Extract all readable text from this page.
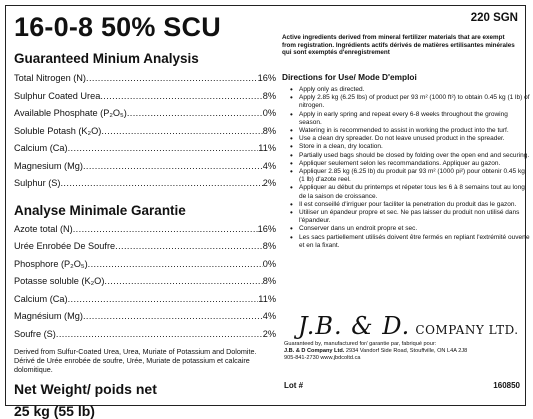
16-0-8 50% SCU
Guaranteed Minium Analysis
Total Nitrogen (N) .....	16%
Sulphur Coated Urea .....	8%
Available Phosphate (P₂O₅) .....	0%
Soluble Potash (K₂O) .....	8%
Calcium (Ca) .....	11%
Magnesium (Mg) .....	4%
Sulphur (S) .....	2%
Analyse Minimale Garantie
Azote total (N) .....	16%
Urée Enrobée De Soufre .....	8%
Phosphore (P₂O₅) .....	0%
Potasse soluble (K₂O) .....	8%
Calcium (Ca) .....	11%
Magnésium (Mg) .....	4%
Soufre (S) .....	2%

Derived from Sulfur-Coated Urea, Urea, Muriate of Potassium and Dolomite. Dérivé de Urée enrobée de soufre, Urée, Muriate de potassium et calcaire dolomitique.

Net Weight/ poids net
25 kg (55 lb)
220 SGN
Active ingredients derived from mineral fertilizer materials that are exempt from registration. Ingrédients actifs dérivés de matières ertilisantes minérales qui sont exemptés d'enregistrement
Directions for Use/ Mode D'emploi
• Apply only as directed.
• Apply 2.85 kg (6.25 lbs) of product per 93 m² (1000 ft²) to obtain 0.45 kg (1 lb) of nitrogen.
• Apply in early spring and repeat every 6-8 weeks throughout the growing season.
• Watering in is recommended to assist in working the product into the turf.
• Use a clean dry spreader. Do not leave unused product in the spreader.
• Store in a clean, dry location.
• Partially used bags should be closed by folding over the open end and securing.
• Appliquer seulement selon les recommandations. Appliquer au gazon.
• Appliquer 2.85 kg (6.25 lb) du produit par 93 m² (1000 pi²) pour obtenir 0.45 kg (1 lb) d'azote reel.
• Appliquer au début du printemps et répeter tous les 6 à 8 semains tout au long de la saison de croissance.
• Il est conseillé d'irriguer pour faciliter la penetration du produit das le gazon.
• Utiliser un épandeur propre et sec. Ne pas laisser du produit non utilisé dans l'épandeur.
• Conserver dans un endroit propre et sec.
• Les sacs partiellement utilisés doivent être fermés en repliant l'extrémité ouverte et en la fixant.
J.B. & D. COMPANY LTD.
Guaranteed by, manufactured for/ garantie par, fabriqué pour:
J.B. & D Company Ltd. 2934 Vandorf Side Road, Stouffville, ON L4A 2J8
905-841-2730 www.jbdcoltd.ca
Lot #	160850
